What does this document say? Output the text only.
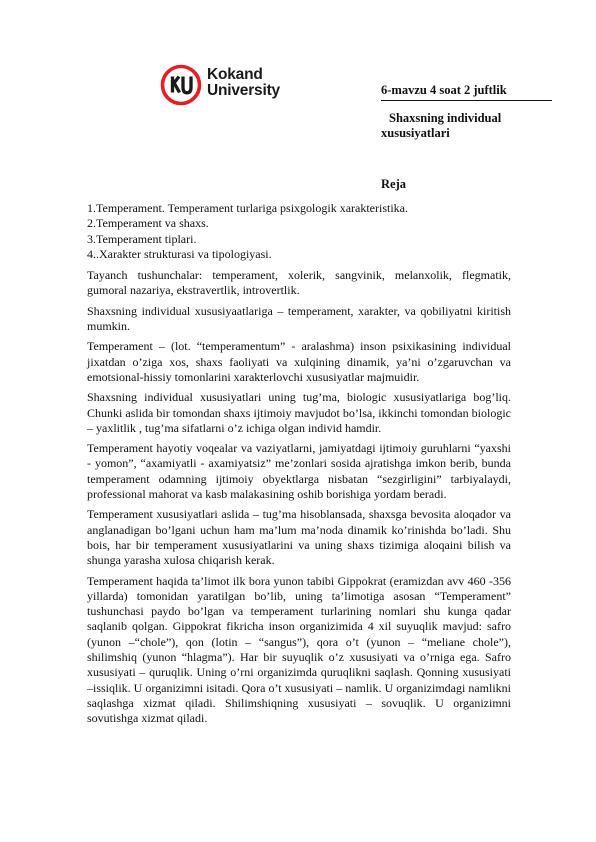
Kokand
University	6-mavzu 4 soat 2 juftlik
Shaxsning individual
xususiyatlari
Reja

1.Temperament. Temperament turlariga psixgologik xarakteristika.

2.Temperament va shaxs.

3.Temperament tiplari.

4..Xarakter strukturasi va tipologiyasi.

Tayanch tushunchalar: temperament, xolerik, sangvinik, melanxolik, flegmatik, gumoral nazariya, ekstravertlik, introvertlik.

Shaxsning individual xususiyaatlariga – temperament, xarakter, va qobiliyatni kiritish mumkin.

Temperament – (lot. “temperamentum” - aralashma) inson psixikasining individual jixatdan o’ziga xos, shaxs faoliyati va xulqining dinamik, ya’ni o’zgaruvchan va emotsional-hissiy tomonlarini xarakterlovchi xususiyatlar majmuidir.

Shaxsning individual xususiyatlari uning tug’ma, biologic xususiyatlariga bog’liq. Chunki aslida bir tomondan shaxs ijtimoiy mavjudot bo’lsa, ikkinchi tomondan biologic – yaxlitlik , tug’ma sifatlarni o’z ichiga olgan individ hamdir.

Temperament hayotiy voqealar va vaziyatlarni, jamiyatdagi ijtimoiy guruhlarni “yaxshi - yomon”, “axamiyatli - axamiyatsiz” me’zonlari sosida ajratishga imkon berib, bunda temperament odamning ijtimoiy obyektlarga nisbatan “sezgirligini” tarbiyalaydi, professional mahorat va kasb malakasining oshib borishiga yordam beradi.

Temperament xususiyatlari aslida – tug’ma hisoblansada, shaxsga bevosita aloqador va anglanadigan bo’lgani uchun ham ma’lum ma’noda dinamik ko’rinishda bo’ladi. Shu bois, har bir temperament xususiyatlarini va uning shaxs tizimiga aloqaini bilish va shunga yarasha xulosa chiqarish kerak.

Temperament haqida ta’limot ilk bora yunon tabibi Gippokrat (eramizdan avv 460 -356 yillarda) tomonidan yaratilgan bo’lib, uning ta’limotiga asosan “Temperament” tushunchasi paydo bo’lgan va temperament turlarining nomlari shu kunga qadar saqlanib qolgan. Gippokrat fikricha inson organizimida 4 xil suyuqlik mavjud: safro (yunon –“chole”), qon (lotin – “sangus”), qora o’t (yunon – “meliane chole”), shilimshiq (yunon “hlagma”). Har bir suyuqlik o’z xususiyati va o’rniga ega. Safro xususiyati – quruqlik. Uning o’rni organizimda quruqlikni saqlash. Qonning xususiyati –issiqlik. U organizimni isitadi. Qora o’t xususiyati – namlik. U organizimdagi namlikni saqlashga xizmat qiladi. Shilimshiqning xususiyati – sovuqlik. U organizimni sovutishga xizmat qiladi.
